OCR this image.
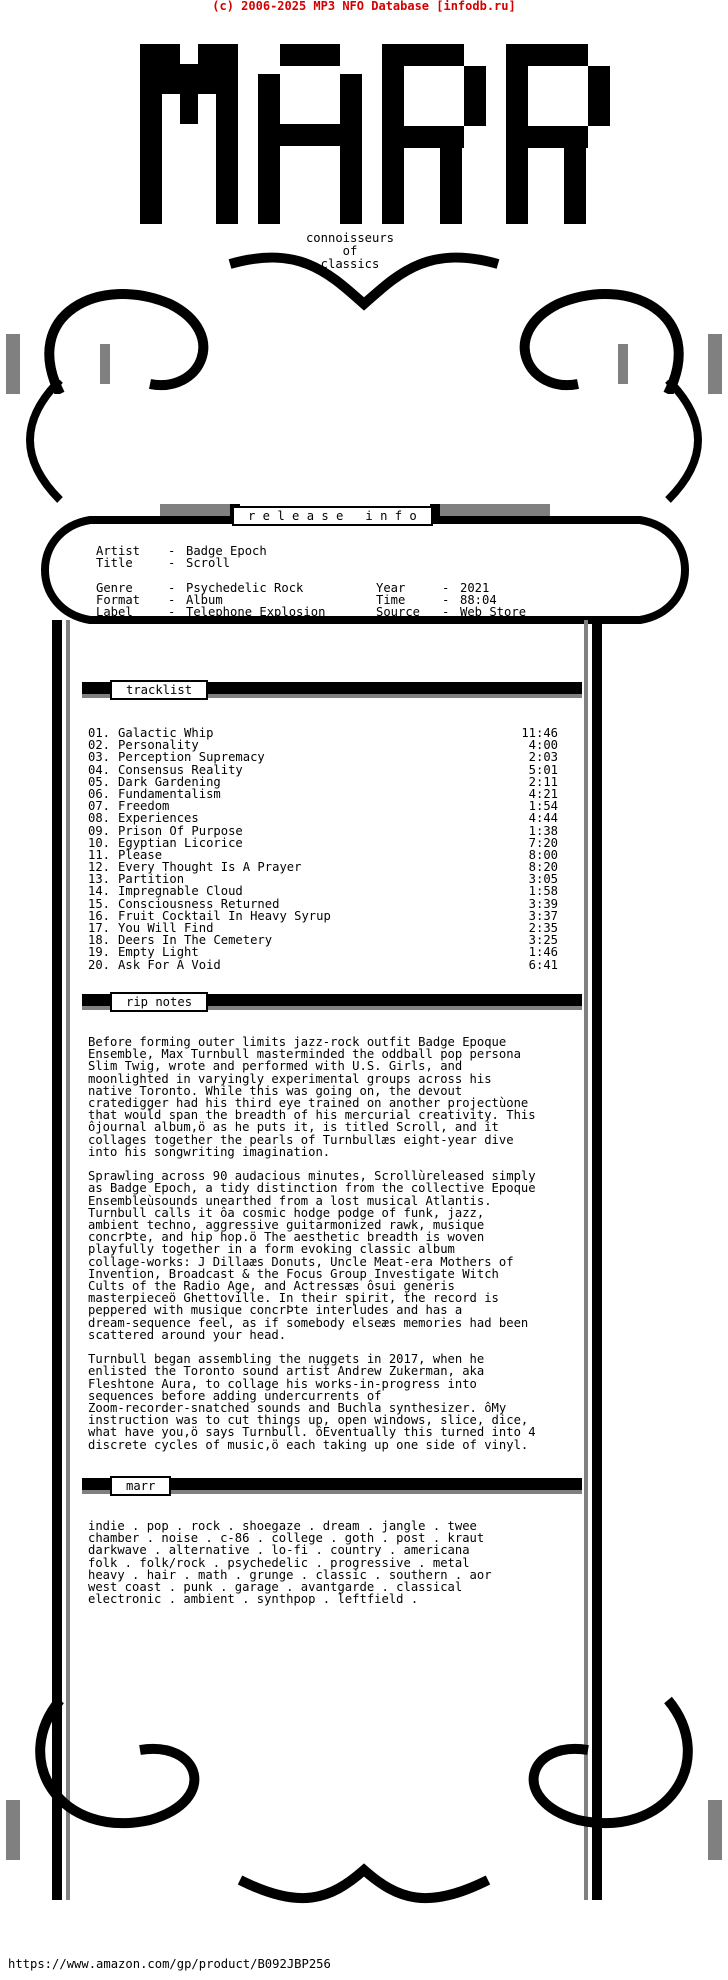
(c) 2006-2025 MP3 NFO Database [infodb.ru]
connoisseurs
of
classics
r e l e a s e   i n f o
Artist	- Badge Epoch
Title	- Scroll
Genre	- Psychedelic Rock	Year	- 2021
Format	- Album	Time	- 88:04
Label	- Telephone Explosion	Source	- Web Store
tracklist
01. Galactic Whip	11:46
02. Personality	4:00
03. Perception Supremacy	2:03
04. Consensus Reality	5:01
05. Dark Gardening	2:11
06. Fundamentalism	4:21
07. Freedom	1:54
08. Experiences	4:44
09. Prison Of Purpose	1:38
10. Egyptian Licorice	7:20
11. Please	8:00
12. Every Thought Is A Prayer	8:20
13. Partition	3:05
14. Impregnable Cloud	1:58
15. Consciousness Returned	3:39
16. Fruit Cocktail In Heavy Syrup	3:37
17. You Will Find	2:35
18. Deers In The Cemetery	3:25
19. Empty Light	1:46
20. Ask For A Void	6:41
rip notes

Before forming outer limits jazz-rock outfit Badge Epoque
Ensemble, Max Turnbull masterminded the oddball pop persona
Slim Twig, wrote and performed with U.S. Girls, and
moonlighted in varyingly experimental groups across his
native Toronto. While this was going on, the devout
cratedigger had his third eye trained on another projectùone
that would span the breadth of his mercurial creativity. This
ôjournal album,ö as he puts it, is titled Scroll, and it
collages together the pearls of Turnbullæs eight-year dive
into his songwriting imagination.

Sprawling across 90 audacious minutes, Scrollùreleased simply
as Badge Epoch, a tidy distinction from the collective Epoque
Ensembleùsounds unearthed from a lost musical Atlantis.
Turnbull calls it ôa cosmic hodge podge of funk, jazz,
ambient techno, aggressive guitarmonized rawk, musique
concrÞte, and hip hop.ö The aesthetic breadth is woven
playfully together in a form evoking classic album
collage-works: J Dillaæs Donuts, Uncle Meat-era Mothers of
Invention, Broadcast & the Focus Group Investigate Witch
Cults of the Radio Age, and Actressæs ôsui generis
masterpieceö Ghettoville. In their spirit, the record is
peppered with musique concrÞte interludes and has a
dream-sequence feel, as if somebody elseæs memories had been
scattered around your head.

Turnbull began assembling the nuggets in 2017, when he
enlisted the Toronto sound artist Andrew Zukerman, aka
Fleshtone Aura, to collage his works-in-progress into
sequences before adding undercurrents of
Zoom-recorder-snatched sounds and Buchla synthesizer. ôMy
instruction was to cut things up, open windows, slice, dice,
what have you,ö says Turnbull. ôEventually this turned into 4
discrete cycles of music,ö each taking up one side of vinyl.

marr
indie . pop . rock . shoegaze . dream . jangle . twee
chamber . noise . c-86 . college . goth . post . kraut
darkwave . alternative . lo-fi . country . americana
folk . folk/rock . psychedelic . progressive . metal
heavy . hair . math . grunge . classic . southern . aor
west coast . punk . garage . avantgarde . classical
electronic . ambient . synthpop . leftfield .
https://www.amazon.com/gp/product/B092JBP256
